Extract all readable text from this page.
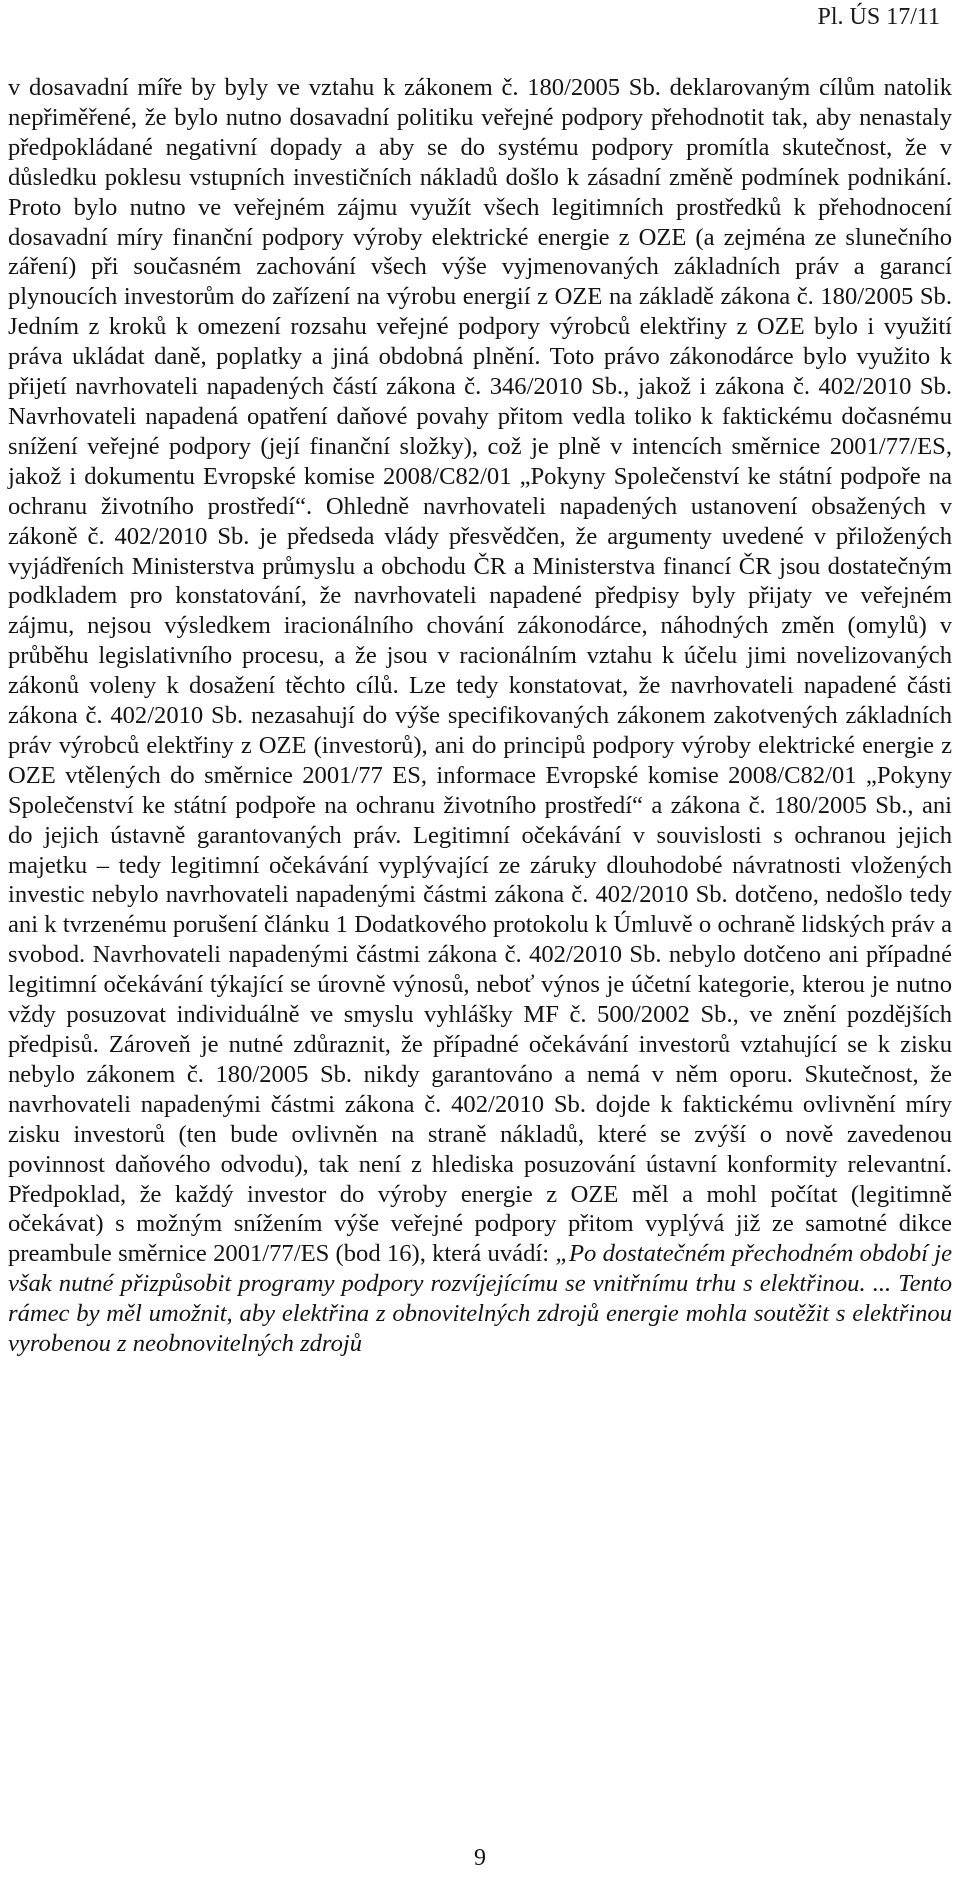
Pl. ÚS 17/11

v dosavadní míře by byly ve vztahu k zákonem č. 180/2005 Sb. deklarovaným cílům natolik nepřiměřené, že bylo nutno dosavadní politiku veřejné podpory přehodnotit tak, aby nenastaly předpokládané negativní dopady a aby se do systému podpory promítla skutečnost, že v důsledku poklesu vstupních investičních nákladů došlo k zásadní změně podmínek podnikání. Proto bylo nutno ve veřejném zájmu využít všech legitimních prostředků k přehodnocení dosavadní míry finanční podpory výroby elektrické energie z OZE (a zejména ze slunečního záření) při současném zachování všech výše vyjmenovaných základních práv a garancí plynoucích investorům do zařízení na výrobu energií z OZE na základě zákona č. 180/2005 Sb. Jedním z kroků k omezení rozsahu veřejné podpory výrobců elektřiny z OZE bylo i využití práva ukládat daně, poplatky a jiná obdobná plnění. Toto právo zákonodárce bylo využito k přijetí navrhovateli napadených částí zákona č. 346/2010 Sb., jakož i zákona č. 402/2010 Sb. Navrhovateli napadená opatření daňové povahy přitom vedla toliko k faktickému dočasnému snížení veřejné podpory (její finanční složky), což je plně v intencích směrnice 2001/77/ES, jakož i dokumentu Evropské komise 2008/C82/01 „Pokyny Společenství ke státní podpoře na ochranu životního prostředí“. Ohledně navrhovateli napadených ustanovení obsažených v zákoně č. 402/2010 Sb. je předseda vlády přesvědčen, že argumenty uvedené v přiložených vyjádřeních Ministerstva průmyslu a obchodu ČR a Ministerstva financí ČR jsou dostatečným podkladem pro konstatování, že navrhovateli napadené předpisy byly přijaty ve veřejném zájmu, nejsou výsledkem iracionálního chování zákonodárce, náhodných změn (omylů) v průběhu legislativního procesu, a že jsou v racionálním vztahu k účelu jimi novelizovaných zákonů voleny k dosažení těchto cílů. Lze tedy konstatovat, že navrhovateli napadené části zákona č. 402/2010 Sb. nezasahují do výše specifikovaných zákonem zakotvených základních práv výrobců elektřiny z OZE (investorů), ani do principů podpory výroby elektrické energie z OZE vtělených do směrnice 2001/77 ES, informace Evropské komise 2008/C82/01 „Pokyny Společenství ke státní podpoře na ochranu životního prostředí“ a zákona č. 180/2005 Sb., ani do jejich ústavně garantovaných práv. Legitimní očekávání v souvislosti s ochranou jejich majetku – tedy legitimní očekávání vyplývající ze záruky dlouhodobé návratnosti vložených investic nebylo navrhovateli napadenými částmi zákona č. 402/2010 Sb. dotčeno, nedošlo tedy ani k tvrzenému porušení článku 1 Dodatkového protokolu k Úmluvě o ochraně lidských práv a svobod. Navrhovateli napadenými částmi zákona č. 402/2010 Sb. nebylo dotčeno ani případné legitimní očekávání týkající se úrovně výnosů, neboť výnos je účetní kategorie, kterou je nutno vždy posuzovat individuálně ve smyslu vyhlášky MF č. 500/2002 Sb., ve znění pozdějších předpisů. Zároveň je nutné zdůraznit, že případné očekávání investorů vztahující se k zisku nebylo zákonem č. 180/2005 Sb. nikdy garantováno a nemá v něm oporu. Skutečnost, že navrhovateli napadenými částmi zákona č. 402/2010 Sb. dojde k faktickému ovlivnění míry zisku investorů (ten bude ovlivněn na straně nákladů, které se zvýší o nově zavedenou povinnost daňového odvodu), tak není z hlediska posuzování ústavní konformity relevantní. Předpoklad, že každý investor do výroby energie z OZE měl a mohl počítat (legitimně očekávat) s možným snížením výše veřejné podpory přitom vyplývá již ze samotné dikce preambule směrnice 2001/77/ES (bod 16), která uvádí: „Po dostatečném přechodném období je však nutné přizpůsobit programy podpory rozvíjejícímu se vnitřnímu trhu s elektřinou. ... Tento rámec by měl umožnit, aby elektřina z obnovitelných zdrojů energie mohla soutěžit s elektřinou vyrobenou z neobnovitelných zdrojů

9
